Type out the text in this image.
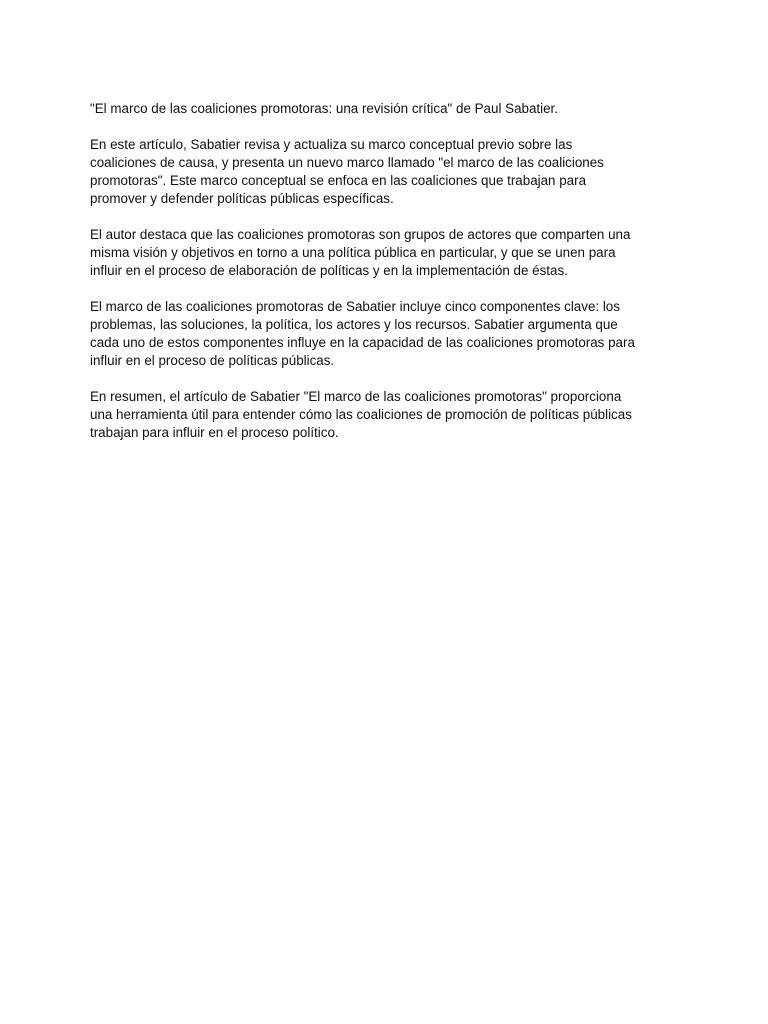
"El marco de las coaliciones promotoras: una revisión crítica" de Paul Sabatier.

En este artículo, Sabatier revisa y actualiza su marco conceptual previo sobre las
coaliciones de causa, y presenta un nuevo marco llamado "el marco de las coaliciones
promotoras". Este marco conceptual se enfoca en las coaliciones que trabajan para
promover y defender políticas públicas específicas.

El autor destaca que las coaliciones promotoras son grupos de actores que comparten una
misma visión y objetivos en torno a una política pública en particular, y que se unen para
influir en el proceso de elaboración de políticas y en la implementación de éstas.

El marco de las coaliciones promotoras de Sabatier incluye cinco componentes clave: los
problemas, las soluciones, la política, los actores y los recursos. Sabatier argumenta que
cada uno de estos componentes influye en la capacidad de las coaliciones promotoras para
influir en el proceso de políticas públicas.

En resumen, el artículo de Sabatier "El marco de las coaliciones promotoras" proporciona
una herramienta útil para entender cómo las coaliciones de promoción de políticas públicas
trabajan para influir en el proceso político.
